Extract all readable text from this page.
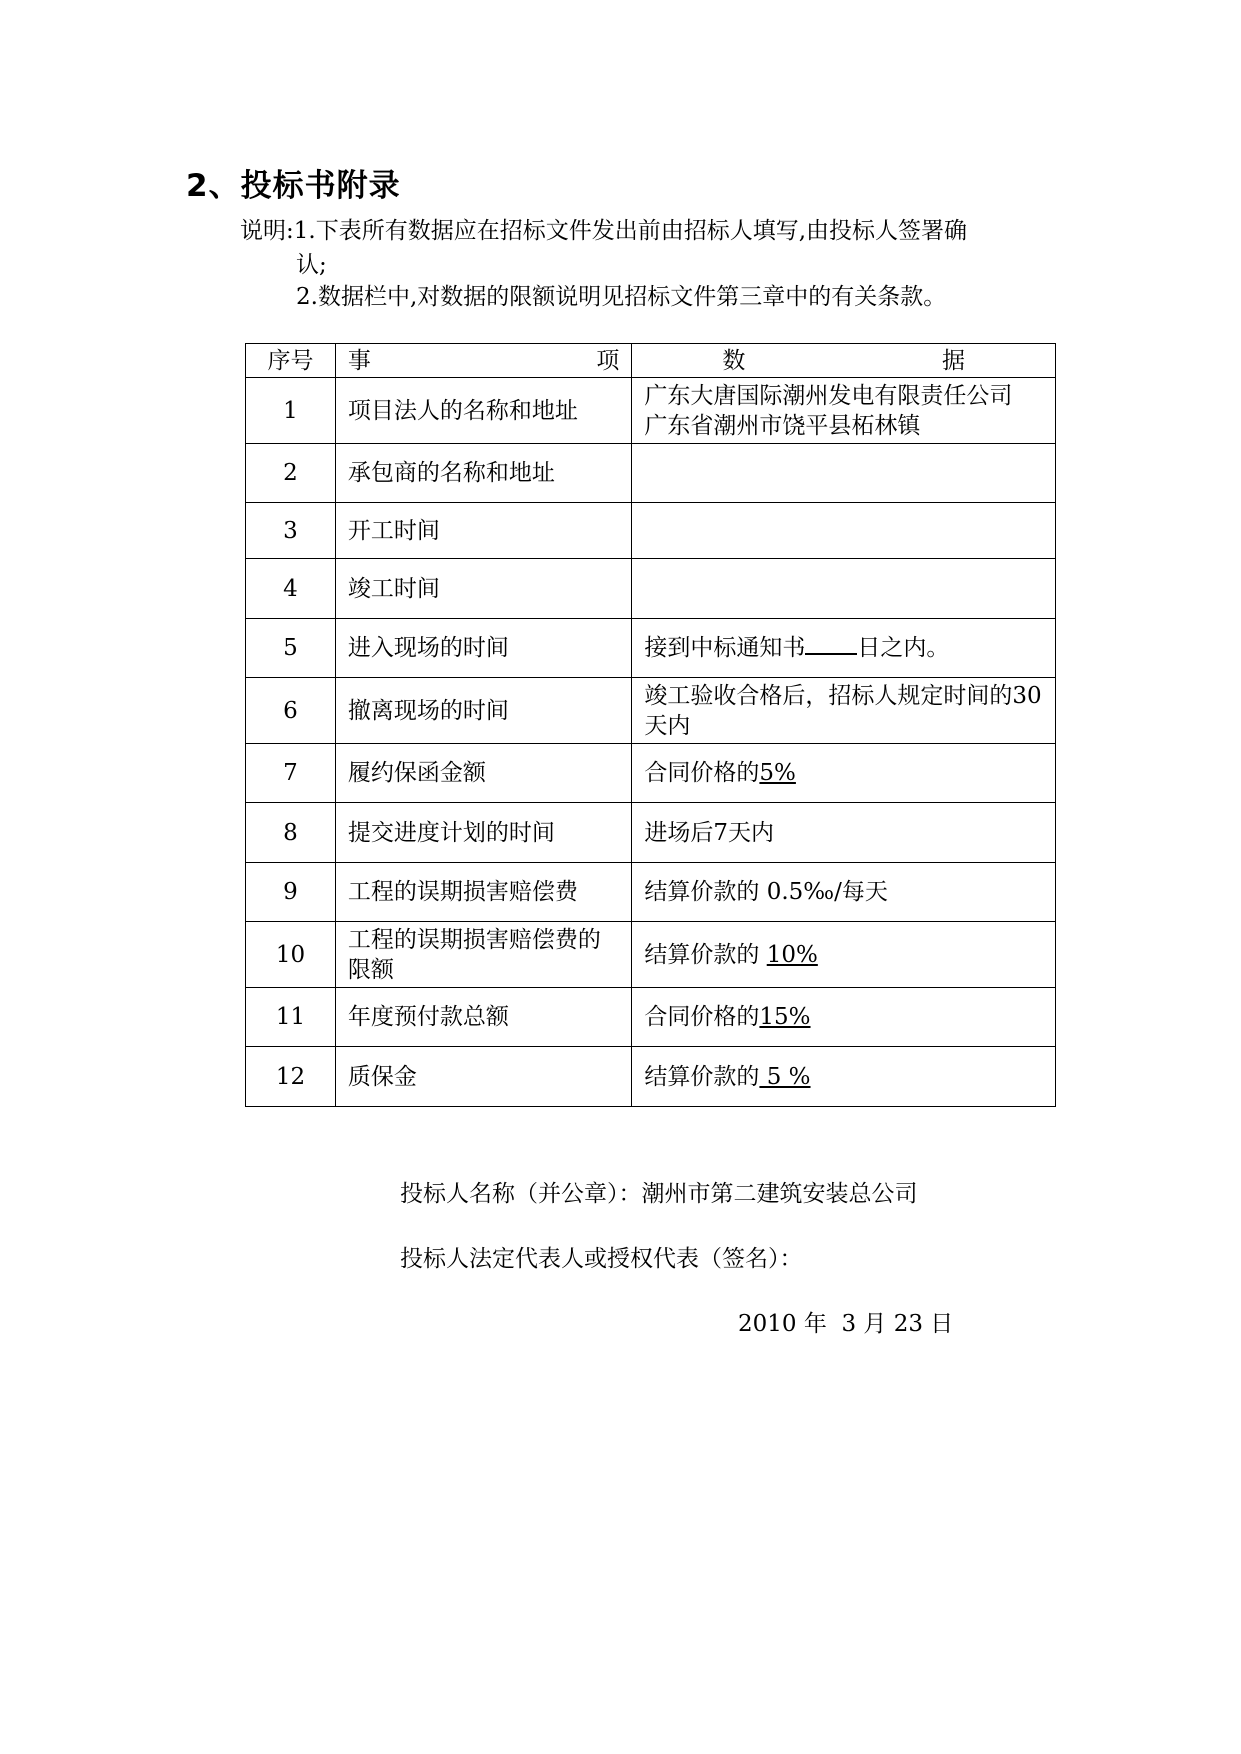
2、投标书附录
说明:1.下表所有数据应在招标文件发出前由招标人填写,由投标人签署确
认;
2.数据栏中,对数据的限额说明见招标文件第三章中的有关条款。
序号	事　　项	数　　据
1	项目法人的名称和地址	广东大唐国际潮州发电有限责任公司
广东省潮州市饶平县柘林镇

2	承包商的名称和地址	
3	开工时间	
4	竣工时间	
5	进入现场的时间	接到中标通知书 日之内。
6	撤离现场的时间	竣工验收合格后，招标人规定时间的30天内
7	履约保函金额	合同价格的5%
8	提交进度计划的时间	进场后7天内
9	工程的误期损害赔偿费	结算价款的 0.5‰/每天
10	工程的误期损害赔偿费的限额	结算价款的 10%
11	年度预付款总额	合同价格的15%
12	质保金	结算价款的 5 %
投标人名称（并公章）：潮州市第二建筑安装总公司
投标人法定代表人或授权代表（签名）：
2010 年  3 月 23 日
